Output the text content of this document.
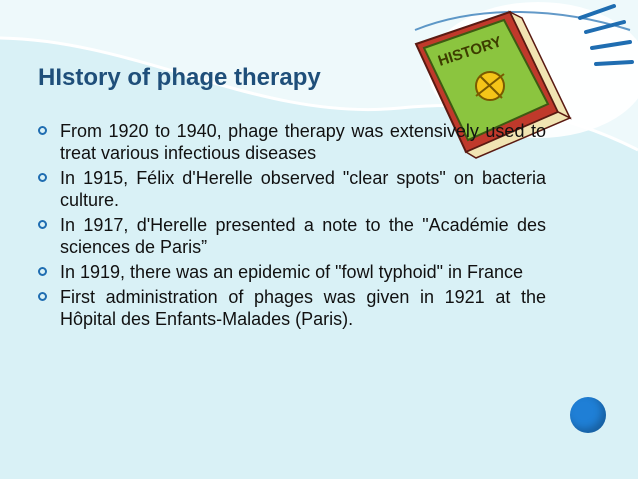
HISTORY
HIstory of phage therapy
From 1920 to 1940, phage therapy was extensively used to treat various infectious diseases
In 1915, Félix d'Herelle observed "clear spots" on bacteria culture.
In 1917, d'Herelle presented a note to the "Académie des sciences de Paris”
In 1919, there was an epidemic of "fowl typhoid" in France
First administration of phages was given in 1921 at the Hôpital des Enfants-Malades (Paris).
